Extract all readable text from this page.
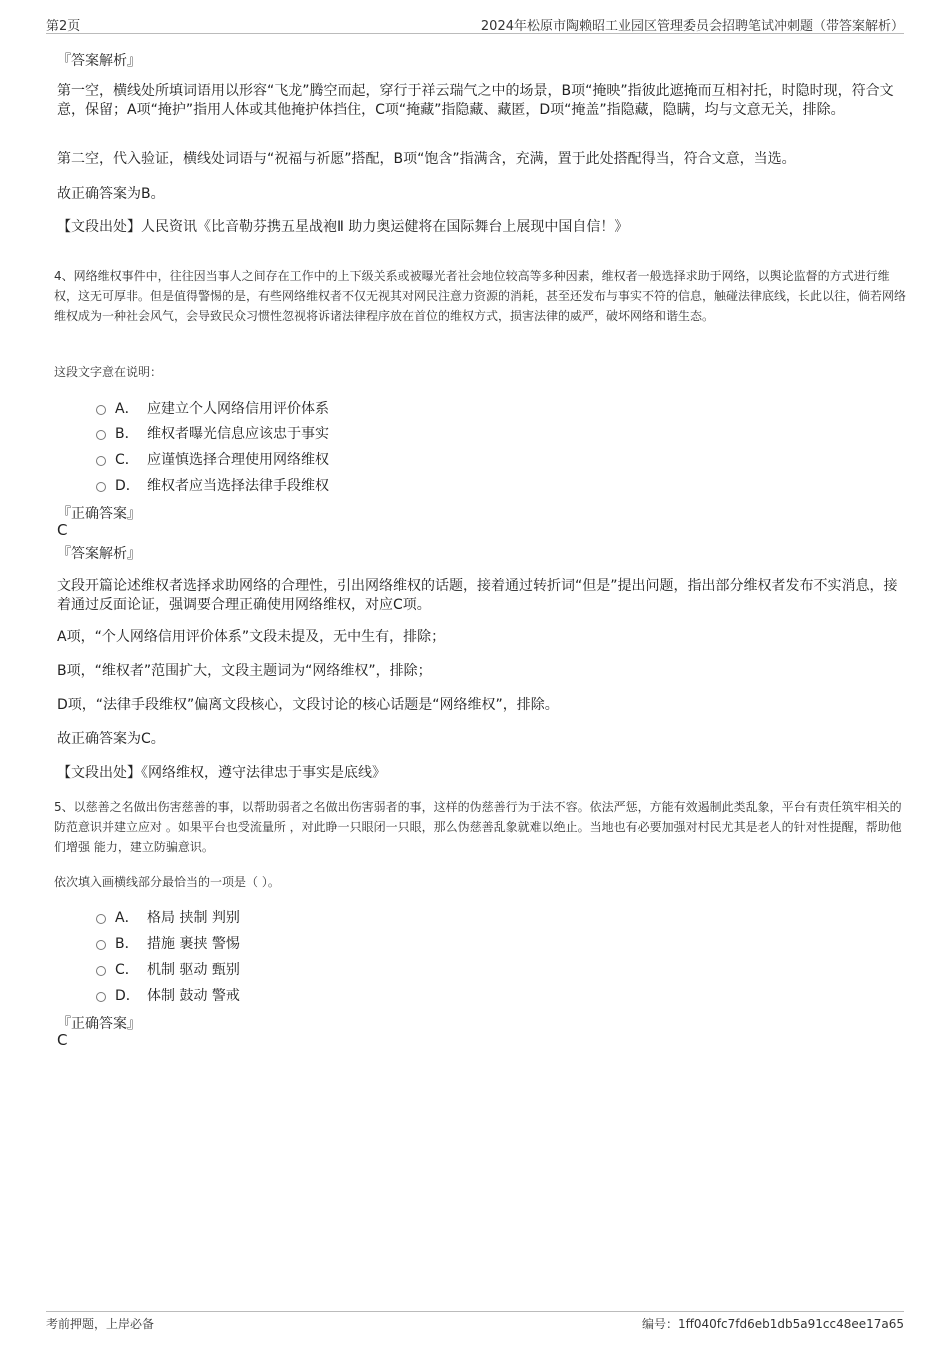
第2页	2024年松原市陶赖昭工业园区管理委员会招聘笔试冲刺题（带答案解析）
『答案解析』
第一空，横线处所填词语用以形容“飞龙”腾空而起，穿行于祥云瑞气之中的场景，B项“掩映”指彼此遮掩而互相衬托，时隐时现，符合文意，保留；A项“掩护”指用人体或其他掩护体挡住，C项“掩藏”指隐藏、藏匿，D项“掩盖”指隐藏，隐瞒，均与文意无关，排除。
第二空，代入验证，横线处词语与“祝福与祈愿”搭配，B项“饱含”指满含，充满，置于此处搭配得当，符合文意，当选。
故正确答案为B。
【文段出处】人民资讯《比音勒芬携五星战袍Ⅱ 助力奥运健将在国际舞台上展现中国自信！》
4、网络维权事件中，往往因当事人之间存在工作中的上下级关系或被曝光者社会地位较高等多种因素，维权者一般选择求助于网络，以舆论监督的方式进行维权，这无可厚非。但是值得警惕的是，有些网络维权者不仅无视其对网民注意力资源的消耗，甚至还发布与事实不符的信息，触碰法律底线，长此以往，倘若网络维权成为一种社会风气，会导致民众习惯性忽视将诉诸法律程序放在首位的维权方式，损害法律的威严，破坏网络和谐生态。
这段文字意在说明：
A． 应建立个人网络信用评价体系
B． 维权者曝光信息应该忠于事实
C． 应谨慎选择合理使用网络维权
D． 维权者应当选择法律手段维权
『正确答案』
C
『答案解析』
文段开篇论述维权者选择求助网络的合理性，引出网络维权的话题，接着通过转折词“但是”提出问题，指出部分维权者发布不实消息，接着通过反面论证，强调要合理正确使用网络维权，对应C项。
A项，“个人网络信用评价体系”文段未提及，无中生有，排除；
B项，“维权者”范围扩大，文段主题词为“网络维权”，排除；
D项，“法律手段维权”偏离文段核心，文段讨论的核心话题是“网络维权”，排除。
故正确答案为C。
【文段出处】《网络维权，遵守法律忠于事实是底线》
5、以慈善之名做出伤害慈善的事，以帮助弱者之名做出伤害弱者的事，这样的伪慈善行为于法不容。依法严惩，方能有效遏制此类乱象，平台有责任筑牢相关的防范意识并建立应对 。如果平台也受流量所 ，对此睁一只眼闭一只眼，那么伪慈善乱象就难以绝止。当地也有必要加强对村民尤其是老人的针对性提醒，帮助他们增强 能力，建立防骗意识。
依次填入画横线部分最恰当的一项是（ ）。
A． 格局 挟制 判别
B． 措施 裹挟 警惕
C． 机制 驱动 甄别
D． 体制 鼓动 警戒
『正确答案』
C
考前押题，上岸必备	编号：1ff040fc7fd6eb1db5a91cc48ee17a65
